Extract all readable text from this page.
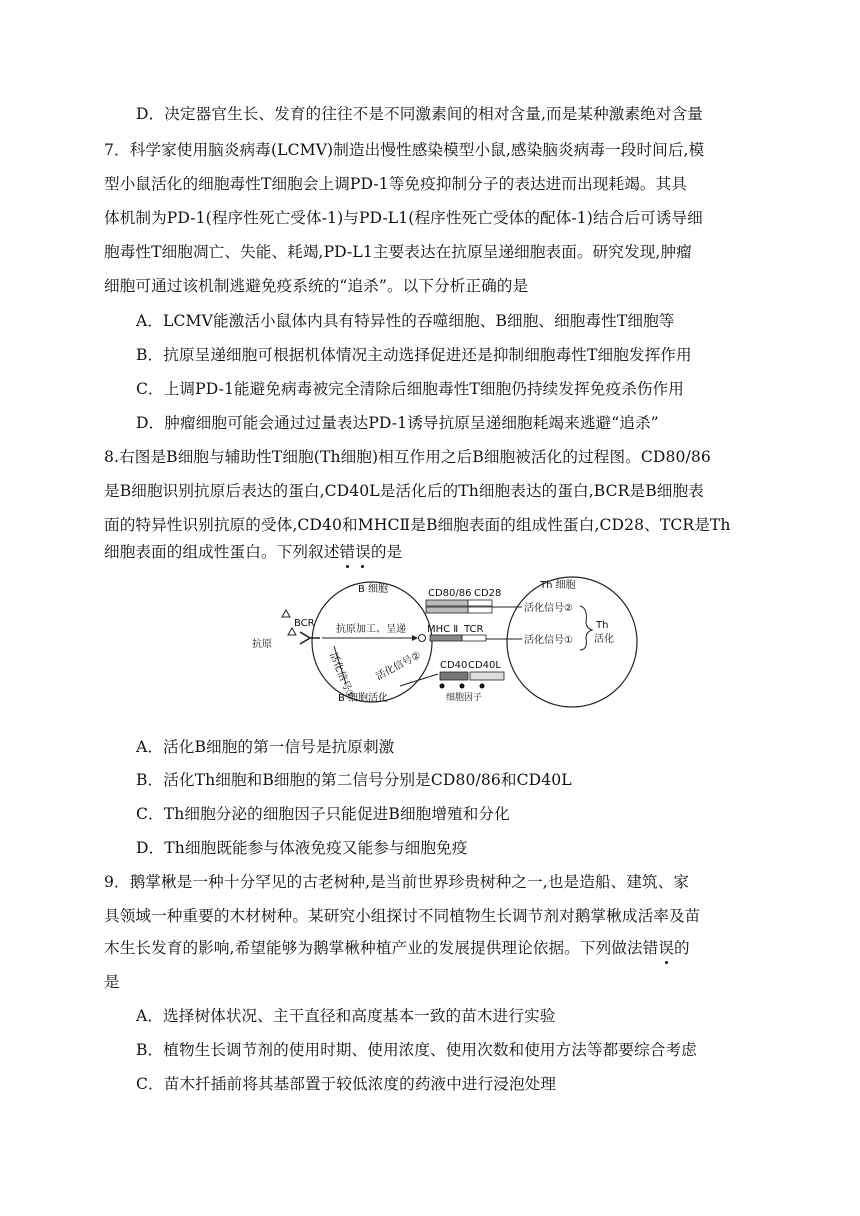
D．决定器官生长、发育的往往不是不同激素间的相对含量,而是某种激素绝对含量
7．科学家使用脑炎病毒(LCMV)制造出慢性感染模型小鼠,感染脑炎病毒一段时间后,模
型小鼠活化的细胞毒性T细胞会上调PD-1等免疫抑制分子的表达进而出现耗竭。其具
体机制为PD-1(程序性死亡受体-1)与PD-L1(程序性死亡受体的配体-1)结合后可诱导细
胞毒性T细胞凋亡、失能、耗竭,PD-L1主要表达在抗原呈递细胞表面。研究发现,肿瘤
细胞可通过该机制逃避免疫系统的“追杀”。以下分析正确的是
A．LCMV能激活小鼠体内具有特异性的吞噬细胞、B细胞、细胞毒性T细胞等
B．抗原呈递细胞可根据机体情况主动选择促进还是抑制细胞毒性T细胞发挥作用
C．上调PD-1能避免病毒被完全清除后细胞毒性T细胞仍持续发挥免疫杀伤作用
D．肿瘤细胞可能会通过过量表达PD-1诱导抗原呈递细胞耗竭来逃避“追杀”
8.右图是B细胞与辅助性T细胞(Th细胞)相互作用之后B细胞被活化的过程图。CD80/86
是B细胞识别抗原后表达的蛋白,CD40L是活化后的Th细胞表达的蛋白,BCR是B细胞表
面的特异性识别抗原的受体,CD40和MHCⅡ是B细胞表面的组成性蛋白,CD28、TCR是Th
细胞表面的组成性蛋白。下列叙述错误的是
B 细胞	Th 细胞
CD80/86 CD28
活化信号②
Th
活化
抗原
BCR
抗原加工、呈递 MHC Ⅱ TCR
活化信号①
活化信号① 活化信号② CD40 CD40L
B 细胞活化	细胞因子
A．活化B细胞的第一信号是抗原刺激
B．活化Th细胞和B细胞的第二信号分别是CD80/86和CD40L
C．Th细胞分泌的细胞因子只能促进B细胞增殖和分化
D．Th细胞既能参与体液免疫又能参与细胞免疫
9．鹅掌楸是一种十分罕见的古老树种,是当前世界珍贵树种之一,也是造船、建筑、家
具领域一种重要的木材树种。某研究小组探讨不同植物生长调节剂对鹅掌楸成活率及苗
木生长发育的影响,希望能够为鹅掌楸种植产业的发展提供理论依据。下列做法错误的
是
A．选择树体状况、主干直径和高度基本一致的苗木进行实验
B．植物生长调节剂的使用时期、使用浓度、使用次数和使用方法等都要综合考虑
C．苗木扦插前将其基部置于较低浓度的药液中进行浸泡处理
